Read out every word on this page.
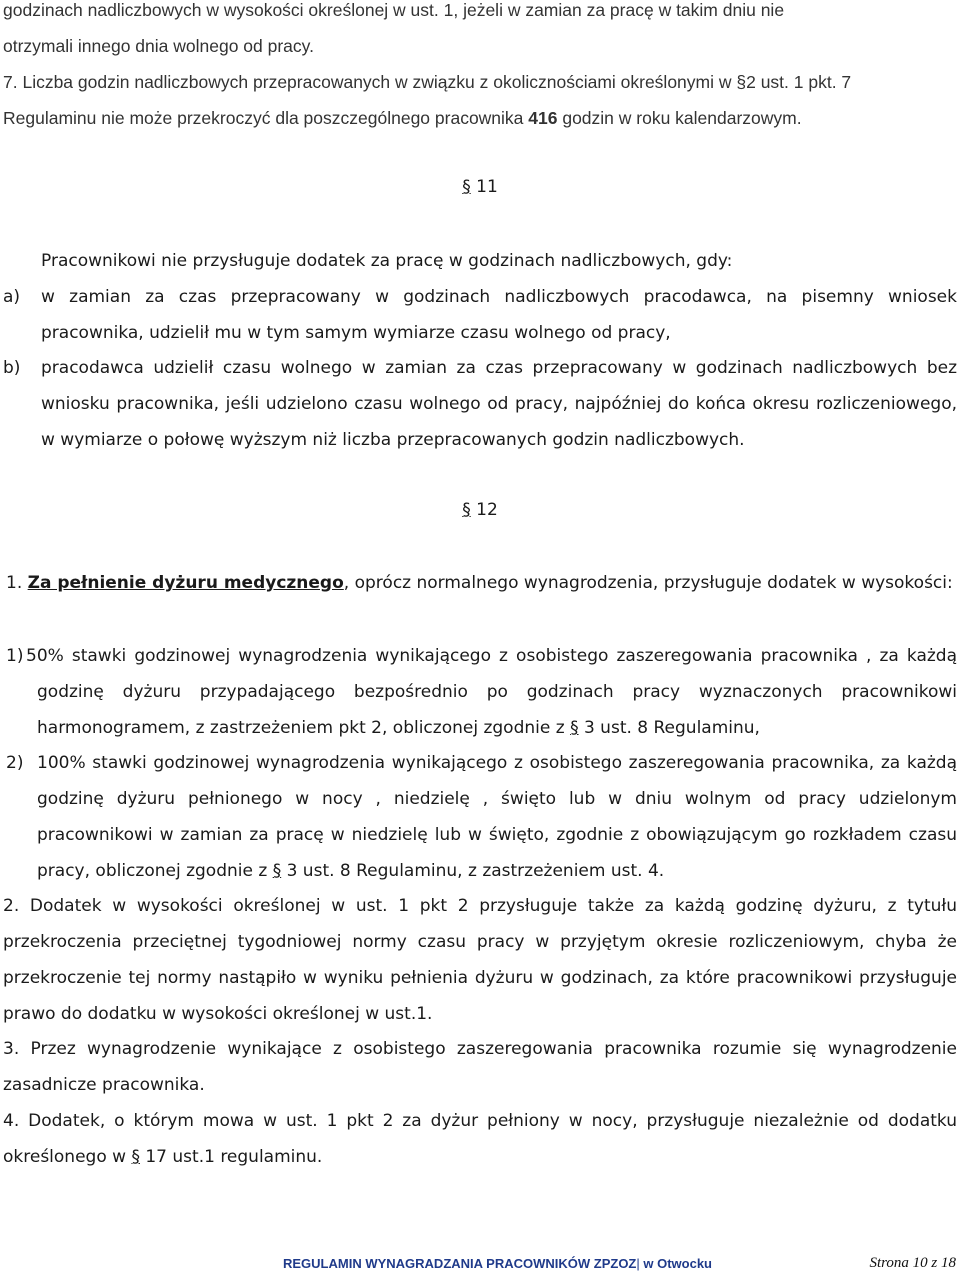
godzinach nadliczbowych w wysokości określonej w ust. 1, jeżeli w zamian za pracę w takim dniu nie
otrzymali innego dnia wolnego od pracy.

7. Liczba godzin nadliczbowych przepracowanych w związku z okolicznościami określonymi w §2 ust. 1 pkt. 7
Regulaminu nie może przekroczyć dla poszczególnego pracownika 416 godzin w roku kalendarzowym.

§ 11

Pracownikowi nie przysługuje dodatek za pracę w godzinach nadliczbowych, gdy:

a) w zamian za czas przepracowany w godzinach nadliczbowych pracodawca, na pisemny wniosek pracownika, udzielił mu w tym samym wymiarze czasu wolnego od pracy,
b) pracodawca udzielił czasu wolnego w zamian za czas przepracowany w godzinach nadliczbowych bez wniosku pracownika, jeśli udzielono czasu wolnego od pracy, najpóźniej do końca okresu rozliczeniowego, w wymiarze o połowę wyższym niż liczba przepracowanych godzin nadliczbowych.

§ 12

1. Za pełnienie dyżuru medycznego, oprócz normalnego wynagrodzenia, przysługuje dodatek w wysokości:

1) 50% stawki godzinowej wynagrodzenia wynikającego z osobistego zaszeregowania pracownika , za każdą godzinę dyżuru przypadającego bezpośrednio po godzinach pracy wyznaczonych pracownikowi harmonogramem, z zastrzeżeniem pkt 2, obliczonej zgodnie z § 3 ust. 8 Regulaminu,
2) 100% stawki godzinowej wynagrodzenia wynikającego z osobistego zaszeregowania pracownika, za każdą godzinę dyżuru pełnionego w nocy , niedzielę , święto lub w dniu wolnym od pracy udzielonym pracownikowi w zamian za pracę w niedzielę lub w święto, zgodnie z obowiązującym go rozkładem czasu pracy, obliczonej zgodnie z § 3 ust. 8 Regulaminu, z zastrzeżeniem ust. 4.

2. Dodatek w wysokości określonej w ust. 1 pkt 2 przysługuje także za każdą godzinę dyżuru, z tytułu przekroczenia przeciętnej tygodniowej normy czasu pracy w przyjętym okresie rozliczeniowym, chyba że przekroczenie tej normy nastąpiło w wyniku pełnienia dyżuru w godzinach, za które pracownikowi przysługuje prawo do dodatku w wysokości określonej w ust.1.

3. Przez wynagrodzenie wynikające z osobistego zaszeregowania pracownika rozumie się wynagrodzenie zasadnicze pracownika.

4. Dodatek, o którym mowa w ust. 1 pkt 2 za dyżur pełniony w nocy, przysługuje niezależnie od dodatku określonego w § 17 ust.1 regulaminu.

REGULAMIN WYNAGRADZANIA PRACOWNIKÓW ZPZOZ| w Otwocku	Strona 10 z 18
